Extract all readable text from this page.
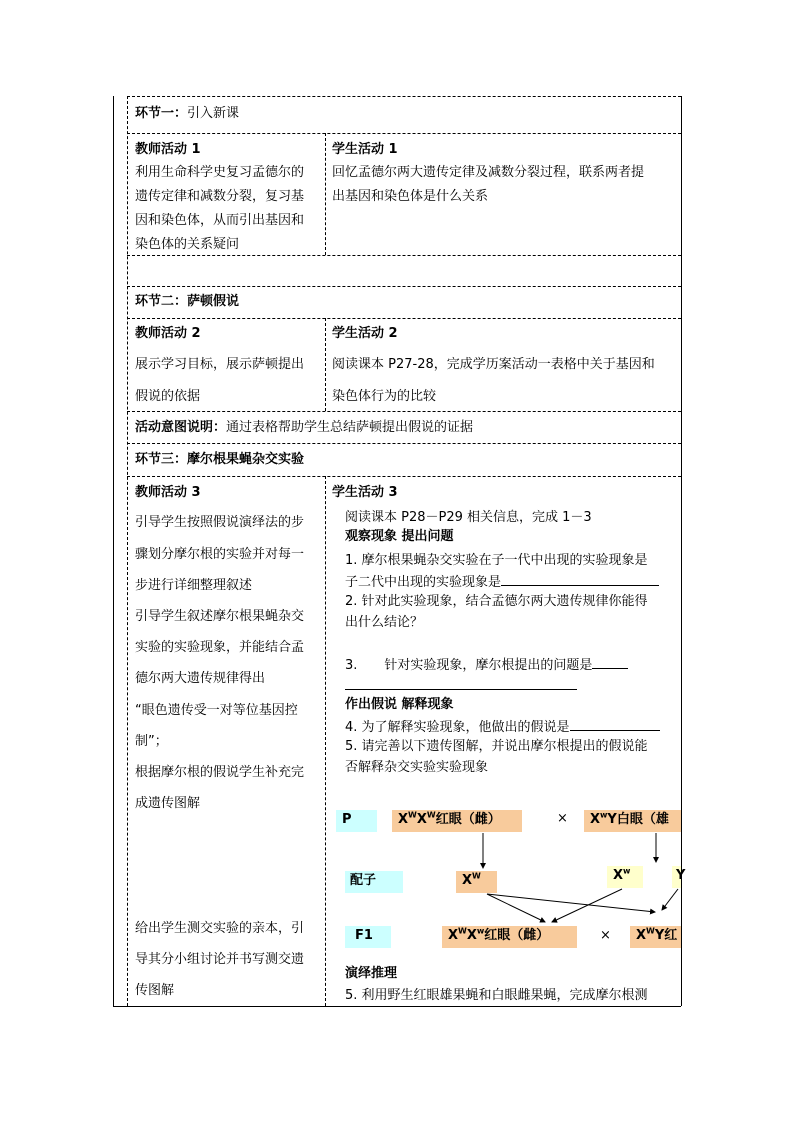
环节一：引入新课
教师活动 1
利用生命科学史复习孟德尔的
遗传定律和减数分裂，复习基
因和染色体，从而引出基因和
染色体的关系疑问
学生活动 1
回忆孟德尔两大遗传定律及减数分裂过程，联系两者提
出基因和染色体是什么关系
环节二：萨顿假说
教师活动 2
展示学习目标，展示萨顿提出
假说的依据
学生活动 2
阅读课本 P27-28，完成学历案活动一表格中关于基因和
染色体行为的比较
活动意图说明：通过表格帮助学生总结萨顿提出假说的证据
环节三：摩尔根果蝇杂交实验
教师活动 3
引导学生按照假说演绎法的步
骤划分摩尔根的实验并对每一
步进行详细整理叙述
引导学生叙述摩尔根果蝇杂交
实验的实验现象，并能结合孟
德尔两大遗传规律得出
“眼色遗传受一对等位基因控
制”；
根据摩尔根的假说学生补充完
成遗传图解
给出学生测交实验的亲本，引
导其分小组讨论并书写测交遗
传图解
学生活动 3
阅读课本 P28－P29 相关信息，完成 1－3
观察现象 提出问题
1. 摩尔根果蝇杂交实验在子一代中出现的实验现象是
子二代中出现的实验现象是
2. 针对此实验现象，结合孟德尔两大遗传规律你能得
出什么结论？
3. 针对实验现象，摩尔根提出的问题是
作出假说 解释现象
4. 为了解释实验现象，他做出的假说是
5. 请完善以下遗传图解，并说出摩尔根提出的假说能
否解释杂交实验实验现象
P	$X^WX^W$红眼（雌）	×	$X^wY$白眼（雄
配子	$X^W$	$X^w$	Y
F1	$X^WX^w$红眼（雌）	×	$X^WY$红
演绎推理
5. 利用野生红眼雄果蝇和白眼雌果蝇，完成摩尔根测
